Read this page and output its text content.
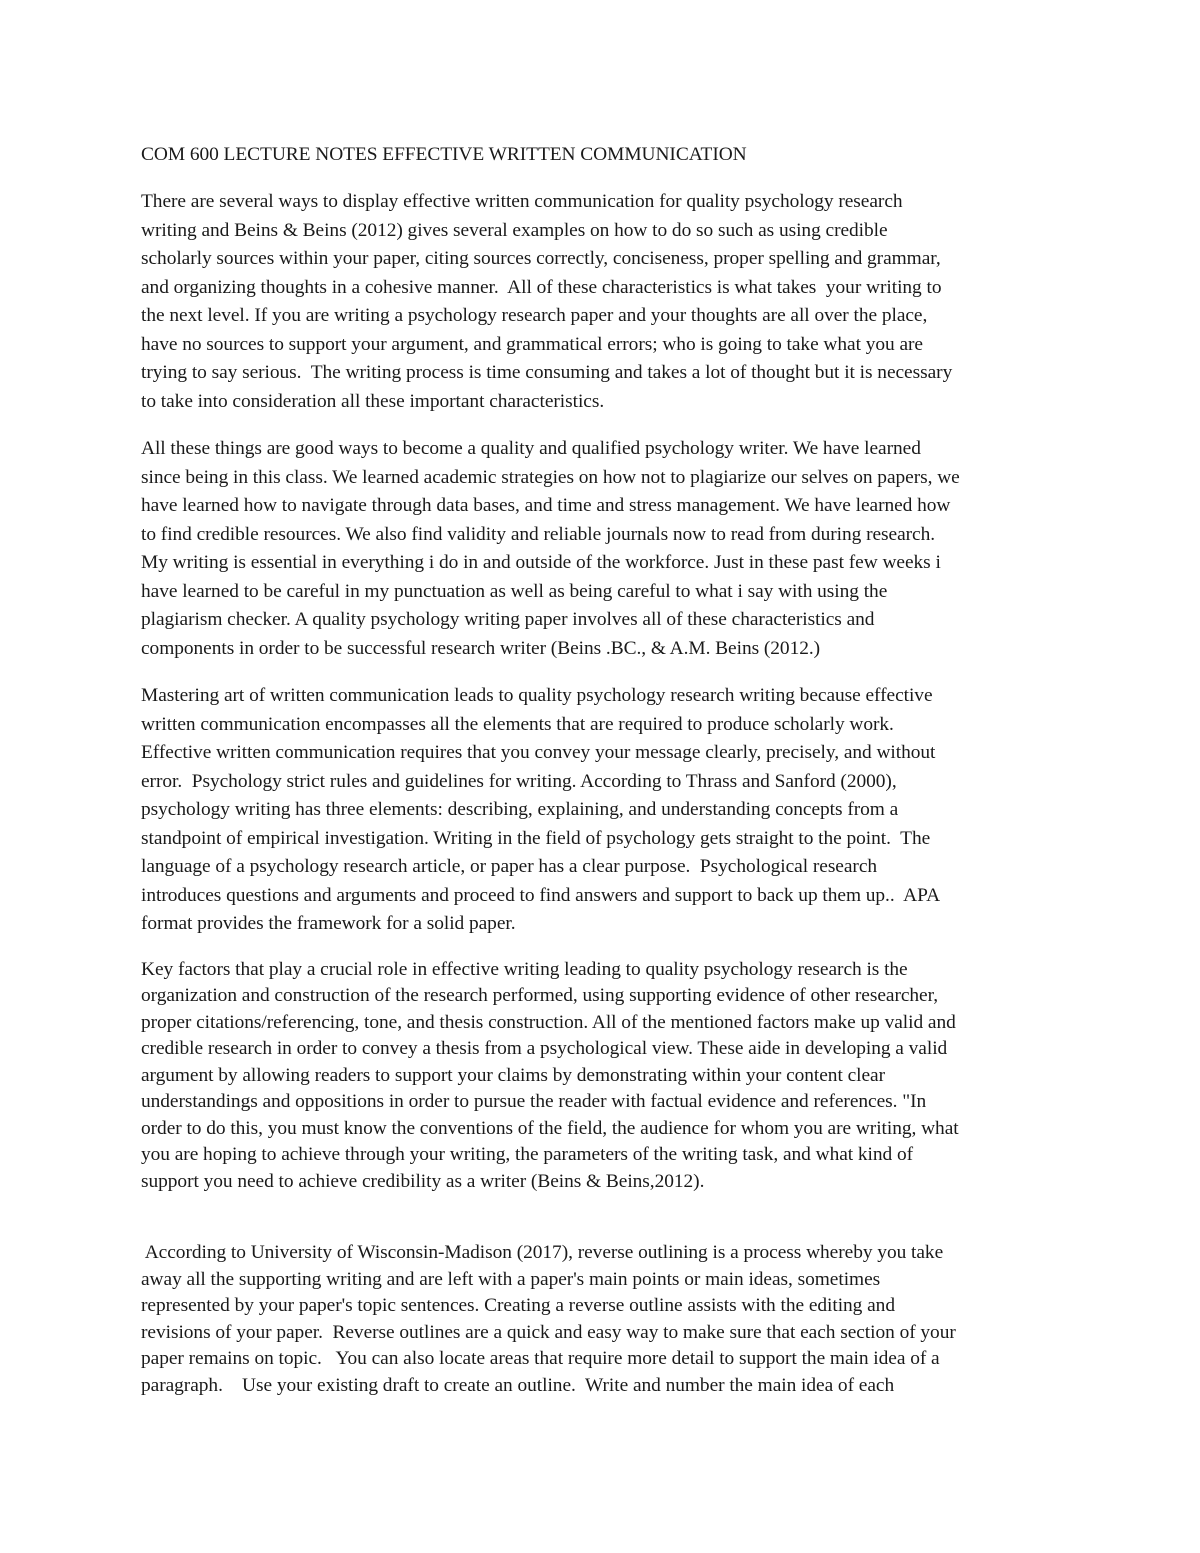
COM 600 LECTURE NOTES EFFECTIVE WRITTEN COMMUNICATION
There are several ways to display effective written communication for quality psychology research
writing and Beins & Beins (2012) gives several examples on how to do so such as using credible
scholarly sources within your paper, citing sources correctly, conciseness, proper spelling and grammar,
and organizing thoughts in a cohesive manner.  All of these characteristics is what takes  your writing to
the next level. If you are writing a psychology research paper and your thoughts are all over the place,
have no sources to support your argument, and grammatical errors; who is going to take what you are
trying to say serious.  The writing process is time consuming and takes a lot of thought but it is necessary
to take into consideration all these important characteristics.
All these things are good ways to become a quality and qualified psychology writer. We have learned
since being in this class. We learned academic strategies on how not to plagiarize our selves on papers, we
have learned how to navigate through data bases, and time and stress management. We have learned how
to find credible resources. We also find validity and reliable journals now to read from during research.
My writing is essential in everything i do in and outside of the workforce. Just in these past few weeks i
have learned to be careful in my punctuation as well as being careful to what i say with using the
plagiarism checker. A quality psychology writing paper involves all of these characteristics and
components in order to be successful research writer (Beins .BC., & A.M. Beins (2012.)
Mastering art of written communication leads to quality psychology research writing because effective
written communication encompasses all the elements that are required to produce scholarly work.
Effective written communication requires that you convey your message clearly, precisely, and without
error.  Psychology strict rules and guidelines for writing. According to Thrass and Sanford (2000),
psychology writing has three elements: describing, explaining, and understanding concepts from a
standpoint of empirical investigation. Writing in the field of psychology gets straight to the point.  The
language of a psychology research article, or paper has a clear purpose.  Psychological research
introduces questions and arguments and proceed to find answers and support to back up them up..  APA
format provides the framework for a solid paper.
Key factors that play a crucial role in effective writing leading to quality psychology research is the
organization and construction of the research performed, using supporting evidence of other researcher,
proper citations/referencing, tone, and thesis construction. All of the mentioned factors make up valid and
credible research in order to convey a thesis from a psychological view. These aide in developing a valid
argument by allowing readers to support your claims by demonstrating within your content clear
understandings and oppositions in order to pursue the reader with factual evidence and references. "In
order to do this, you must know the conventions of the field, the audience for whom you are writing, what
you are hoping to achieve through your writing, the parameters of the writing task, and what kind of
support you need to achieve credibility as a writer (Beins & Beins,2012).
According to University of Wisconsin-Madison (2017), reverse outlining is a process whereby you take
away all the supporting writing and are left with a paper's main points or main ideas, sometimes
represented by your paper's topic sentences. Creating a reverse outline assists with the editing and
revisions of your paper.  Reverse outlines are a quick and easy way to make sure that each section of your
paper remains on topic.   You can also locate areas that require more detail to support the main idea of a
paragraph.    Use your existing draft to create an outline.  Write and number the main idea of each
